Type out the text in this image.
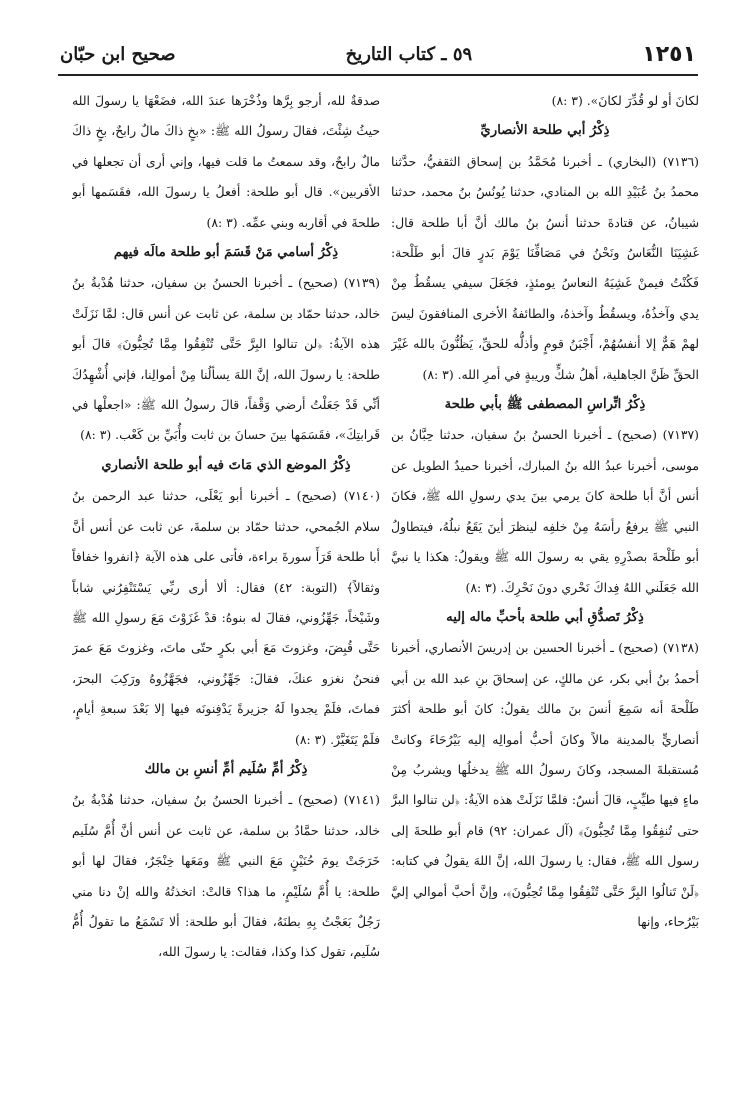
١٢٥١
٥٩ ـ كتاب التاريخ
صحيح ابن حبّان

لكانَ أو لو قُدِّرَ لكانَ». (٣ :٨)

ذِكْرُ أبي طلحة الأنصاريِّ

(٧١٣٦) (البخاري) ـ أخبرنا مُحَمَّدُ بن إسحاق الثقفيُّ، حدَّثنا محمدُ بنُ عُبَيْدِ الله بن المنادي، حدثنا يُونُسُ بنُ محمد، حدثنا شيبانُ، عن قتادةَ حدثنا أنسُ بنُ مالك أنَّ أبا طلحة قال: غَشِيَنَا النُّعَاسُ ونَحْنُ في مَصَافِّنَا يَوْمَ بَدرٍ قالَ أبو طَلْحة: فَكُنْتُ فيمنْ غَشِيَهُ النعاسُ يومئذٍ، فجَعَلَ سيفي يسقُطُ مِنْ يدي وآخذُهُ، ويسقُطُ وآخذهُ، والطائفةُ الأخرى المنافقونَ ليسَ لهمْ هَمٌّ إلا أنفسُهُمْ، أَجْبَنُ قومٍ وأذلُّه للحقِّ، يَظُنُّونَ بالله غَيْرَ الحقِّ ظَنَّ الجاهلية، أهلُ شكٍّ وريبةٍ في أمرِ الله. (٣ :٨)

ذِكْرُ اتِّراسِ المصطفى ﷺ بأبي طلحة

(٧١٣٧) (صحيح) ـ أخبرنا الحسنُ بنُ سفيان، حدثنا حِبَّانُ بن موسى، أخبرنا عبدُ الله بنُ المبارك، أخبرنا حميدٌ الطويل عن أنس أنَّ أبا طلحة كانَ يرمي بينَ يدي رسولِ الله ﷺ، فكانَ النبي ﷺ يرفعُ رأسَهُ مِنْ خلفِه لينظرَ أينَ يَقَعُ نبلُهُ، فيتطاولُ أبو طَلْحةَ بصدْرِهِ يقي به رسولَ الله ﷺ ويقولُ: هكذا يا نبيَّ الله جَعَلَني اللهُ فِداكَ نَحْري دونَ نَحْرِكَ. (٣ :٨)

ذِكْرُ تَصدُّقِ أبي طلحة بأحبِّ ماله إليه

(٧١٣٨) (صحيح) ـ أخبرنا الحسين بن إدريسَ الأنصاري، أخبرنا أحمدُ بنُ أبي بكر، عن مالكٍ، عن إسحاقَ بنِ عبد الله بن أبي طَلْحةَ أنه سَمِعَ أنسَ بنَ مالك يقولُ: كانَ أبو طلحة أكثرَ أنصاريٍّ بالمدينة مالاً وكانَ أحبُّ أموالِه إليه بَيْرُحَاءَ وكانتْ مُستقبلةَ المسجد، وكانَ رسولُ الله ﷺ يدخلُها ويشربُ مِنْ ماءٍ فيها طيِّبٍ، قالَ أنسٌ: فلمَّا نَزَلَتْ هذه الآيةُ: ﴿لن تنالوا البرَّ حتى تُنفِقُوا مِمَّا تُحِبُّونَ﴾ (آل عمران: ٩٢) قام أبو طلحةَ إلى رسول الله ﷺ، فقال: يا رسولَ الله، إنَّ اللهَ يقولُ في كتابه: ﴿لَنْ تَنالُوا البِرَّ حَتَّى تُنْفِقُوا مِمَّا تُحِبُّونَ﴾، وإنَّ أحبَّ أموالي إليَّ بَيْرُحاء، وإنها

صدقةٌ لله، أرجو بِرَّها وذُخْرَها عندَ الله، فضَعْهَا يا رسولَ الله حيثُ شِئْتَ، فقالَ رسولُ الله ﷺ: «بخٍ ذاكَ مالٌ رابحٌ، بخٍ ذاكَ مالٌ رابحٌ، وقد سمعتُ ما قلت فيها، وإني أرى أن تجعلها في الأقربين». قال أبو طلحة: أفعلُ يا رسولَ الله، فقَسَمها أبو طلحةَ في أقاربه وبني عمِّه. (٣ :٨)

ذِكْرُ أسامي مَنْ قَسَمَ أبو طلحة مالَه فيهم

(٧١٣٩) (صحيح) ـ أخبرنا الحسنُ بن سفيان، حدثنا هُدْبةُ بنُ خالد، حدثنا حمّاد بن سلمة، عن ثابت عن أنس قال: لمَّا نَزَلَتْ هذه الآيةُ: ﴿لن تنالوا البِرَّ حَتَّى تُنْفِقُوا مِمَّا تُحِبُّونَ﴾ قالَ أبو طلحة: يا رسولَ الله، إنَّ اللهَ يسألُنا مِنْ أموالِنا، فإني أُشْهِدُكَ أنِّي قَدْ جَعَلْتُ أرضي وَقْفاً، قالَ رسولُ الله ﷺ: «اجعلْها في قَرابتِكَ»، فقَسَمَها بينَ حسانَ بن ثابت وأُبَيِّ بن كَعْب. (٣ :٨)

ذِكْرُ الموضع الذي مَاتَ فيه أبو طلحة الأنصاري

(٧١٤٠) (صحيح) ـ أخبرنا أبو يَعْلَى، حدثنا عبد الرحمن بنُ سلام الجُمحي، حدثنا حمّاد بن سلمةَ، عن ثابت عن أنس أنَّ أبا طلحة قَرَأَ سورةَ براءة، فأتى على هذه الآية ﴿انفروا خفافاً وثقالاً﴾ (التوبة: ٤٢) فقال: ألا أرى ربِّي يَسْتَنْفِرُني شاباً وشَيْخاً، جَهِّزُوني، فقالَ له بنوهُ: قدْ غَزَوْتَ مَعَ رسولِ الله ﷺ حَتَّى قُبِضَ، وغزوتَ مَعَ أبي بكرٍ حتّى ماتَ، وغزوتَ مَعَ عمرَ فنحنُ نغزو عنكَ، فقالَ: جَهِّزُوني، فجَهَّزُوهُ ورَكِبَ البحرَ، فماتَ، فلَمْ يجدوا لَهُ جزيرةً يَدْفِنونَه فيها إلا بَعْدَ سبعةِ أيامٍ، فلَمْ يَتَغَيَّرْ. (٣ :٨)

ذِكْرُ أمِّ سُلَيم أمِّ أنسِ بن مالك

(٧١٤١) (صحيح) ـ أخبرنا الحسنُ بنُ سفيان، حدثنا هُدْبةُ بنُ خالد، حدثنا حمَّادُ بن سلمة، عن ثابت عن أنس أنَّ أُمَّ سُلَيم خَرَجَتْ يومَ حُنَيْنٍ مَعَ النبي ﷺ ومَعَها خِنْجَرٌ، فقالَ لها أبو طلحة: يا أُمَّ سُلَيْمٍ، ما هذا؟ قالتْ: اتخذتُهُ والله إنْ دنا مني رَجُلٌ بَعَجْتُ بِهِ بطنَهُ، فقالَ أبو طلحة: ألا تَسْمَعُ ما تقولُ أُمُّ سُلَيم، تقول كذا وكذا، فقالت: يا رسولَ الله،
